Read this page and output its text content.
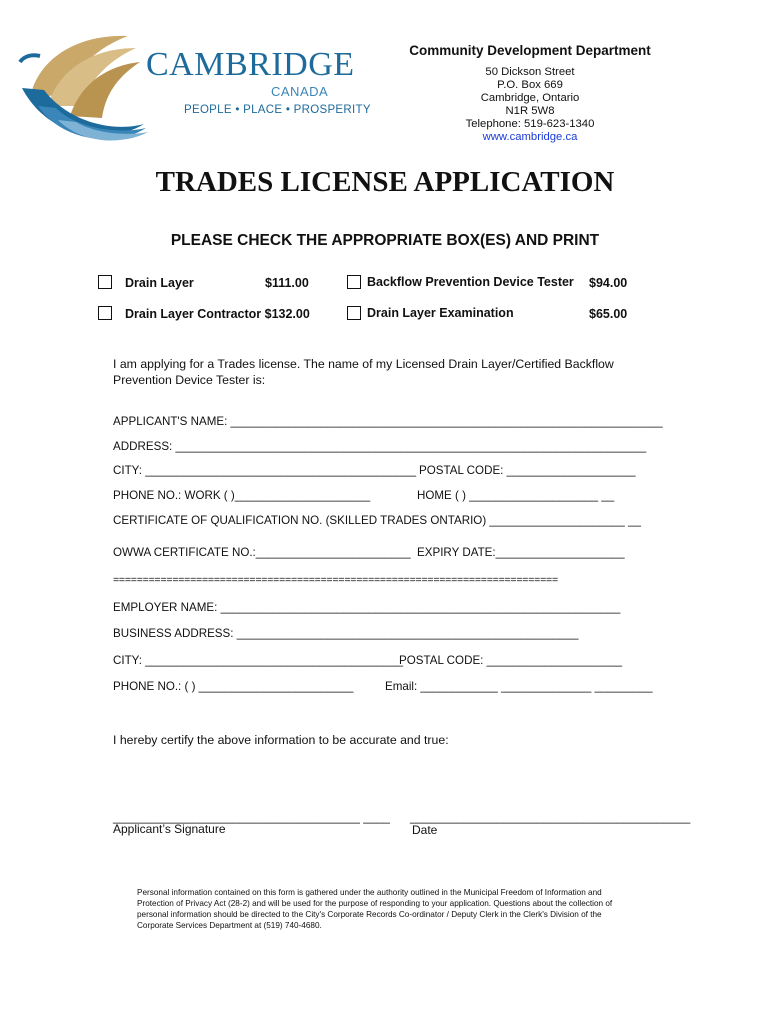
CAMBRIDGE
CANADA
PEOPLE • PLACE • PROSPERITY
Community Development Department
50 Dickson Street
P.O. Box 669
Cambridge, Ontario
N1R 5W8
Telephone: 519-623-1340
www.cambridge.ca
TRADES LICENSE APPLICATION
PLEASE CHECK THE APPROPRIATE BOX(ES) AND PRINT
Drain Layer	$111.00	Backflow Prevention Device Tester $94.00
Drain Layer Contractor $132.00	Drain Layer Examination	$65.00
I am applying for a Trades license. The name of my Licensed Drain Layer/Certified Backflow Prevention Device Tester is:
APPLICANT'S NAME: ___________________________________________________________________
ADDRESS: _________________________________________________________________________
CITY: __________________________________________ POSTAL CODE: ____________________
PHONE NO.: WORK ( )_____________________	HOME ( ) ____________________ __
CERTIFICATE OF QUALIFICATION NO. (SKILLED TRADES ONTARIO) _____________________ __
OWWA CERTIFICATE NO.:________________________ EXPIRY DATE:____________________
===========================================================================
EMPLOYER NAME: ______________________________________________________________
BUSINESS ADDRESS: _____________________________________________________
CITY: ________________________________________
POSTAL CODE: _____________________
PHONE NO.: ( ) ________________________	Email: ____________ ______________ _________
I hereby certify the above information to be accurate and true:
_____________________________________ ____
Applicant’s Signature
__________________________________________
Date
Personal information contained on this form is gathered under the authority outlined in the Municipal Freedom of Information and Protection of Privacy Act (28-2) and will be used for the purpose of responding to your application. Questions about the collection of personal information should be directed to the City's Corporate Records Co-ordinator / Deputy Clerk in the Clerk's Division of the Corporate Services Department at (519) 740-4680.
